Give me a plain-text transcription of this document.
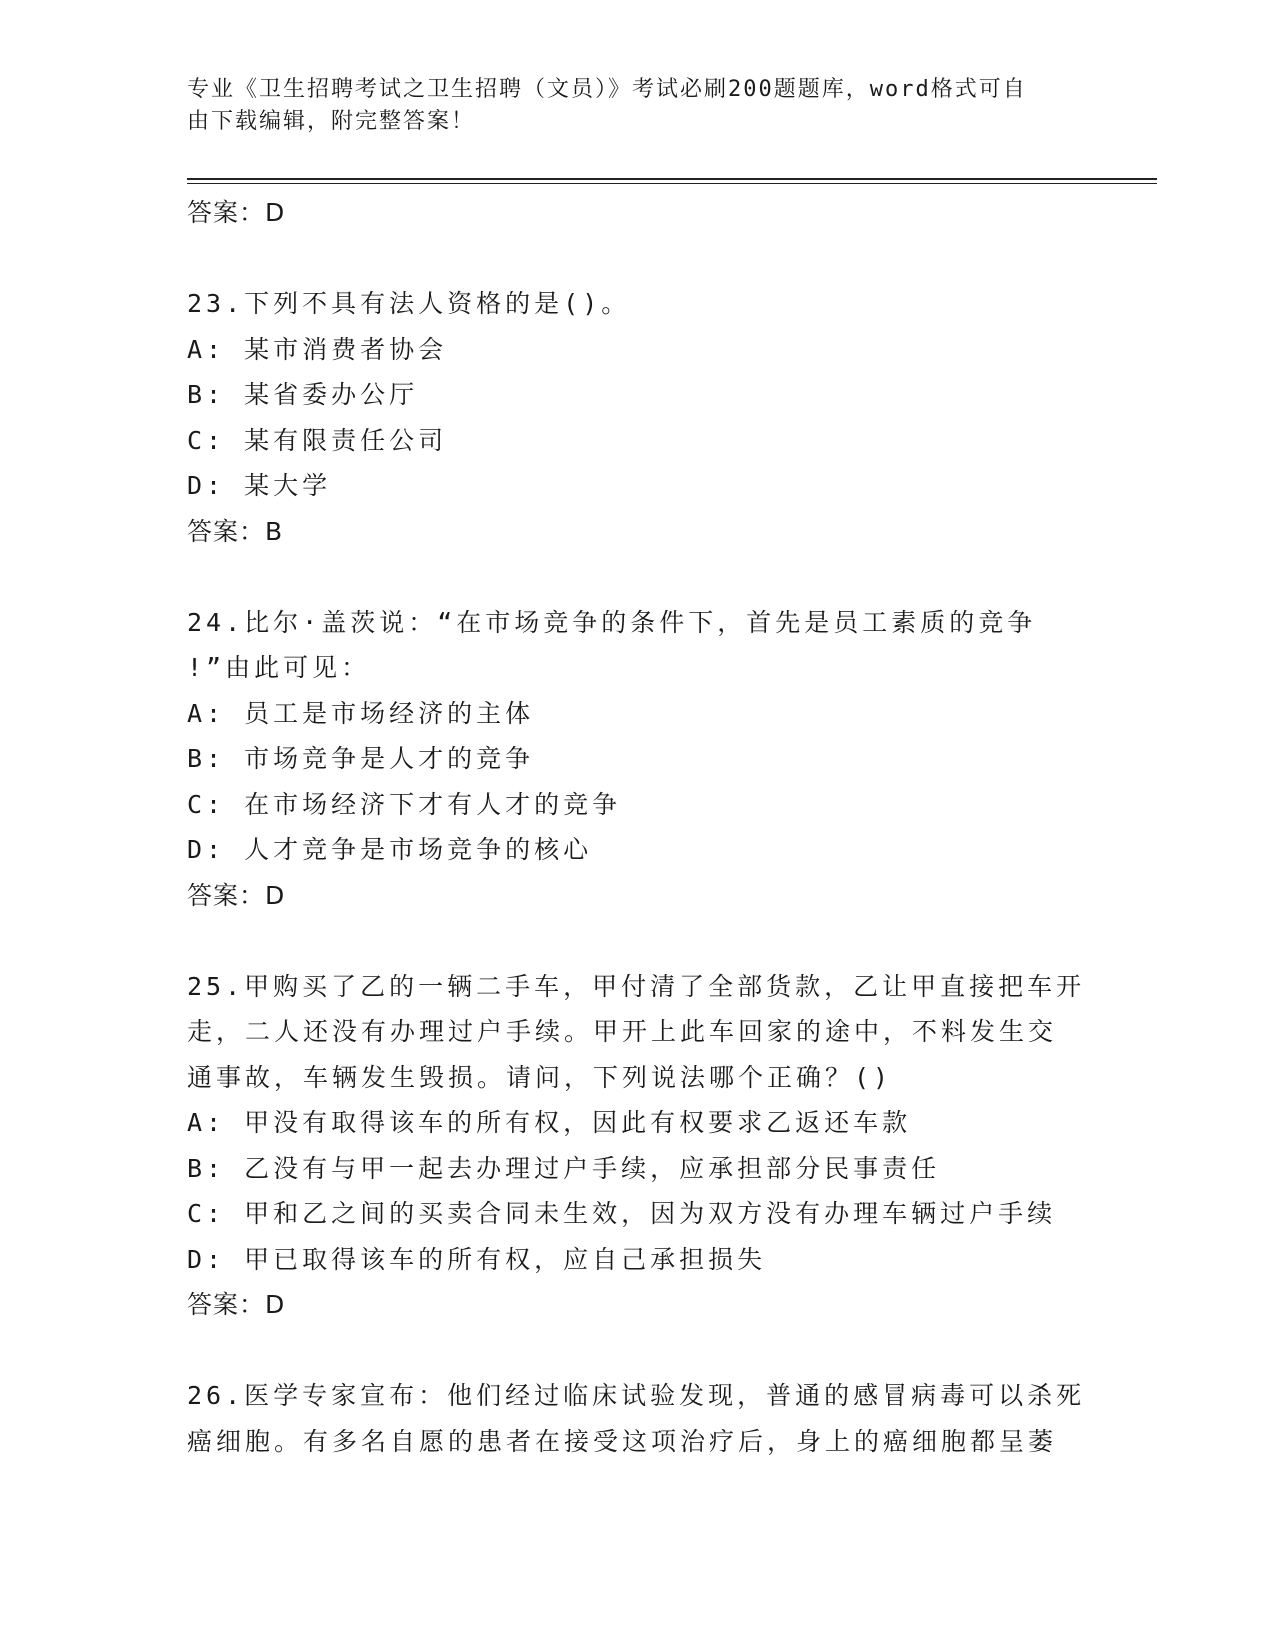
专业《卫生招聘考试之卫生招聘（文员）》考试必刷200题题库，word格式可自
由下载编辑，附完整答案！
答案：D
23.下列不具有法人资格的是()。
A: 某市消费者协会
B: 某省委办公厅
C: 某有限责任公司
D: 某大学
答案：B
24.比尔·盖茨说：“在市场竞争的条件下，首先是员工素质的竞争
!”由此可见：
A: 员工是市场经济的主体
B: 市场竞争是人才的竞争
C: 在市场经济下才有人才的竞争
D: 人才竞争是市场竞争的核心
答案：D
25.甲购买了乙的一辆二手车，甲付清了全部货款，乙让甲直接把车开
走，二人还没有办理过户手续。甲开上此车回家的途中，不料发生交
通事故，车辆发生毁损。请问，下列说法哪个正确？()
A: 甲没有取得该车的所有权，因此有权要求乙返还车款
B: 乙没有与甲一起去办理过户手续，应承担部分民事责任
C: 甲和乙之间的买卖合同未生效，因为双方没有办理车辆过户手续
D: 甲已取得该车的所有权，应自己承担损失
答案：D
26.医学专家宣布：他们经过临床试验发现，普通的感冒病毒可以杀死
癌细胞。有多名自愿的患者在接受这项治疗后，身上的癌细胞都呈萎
